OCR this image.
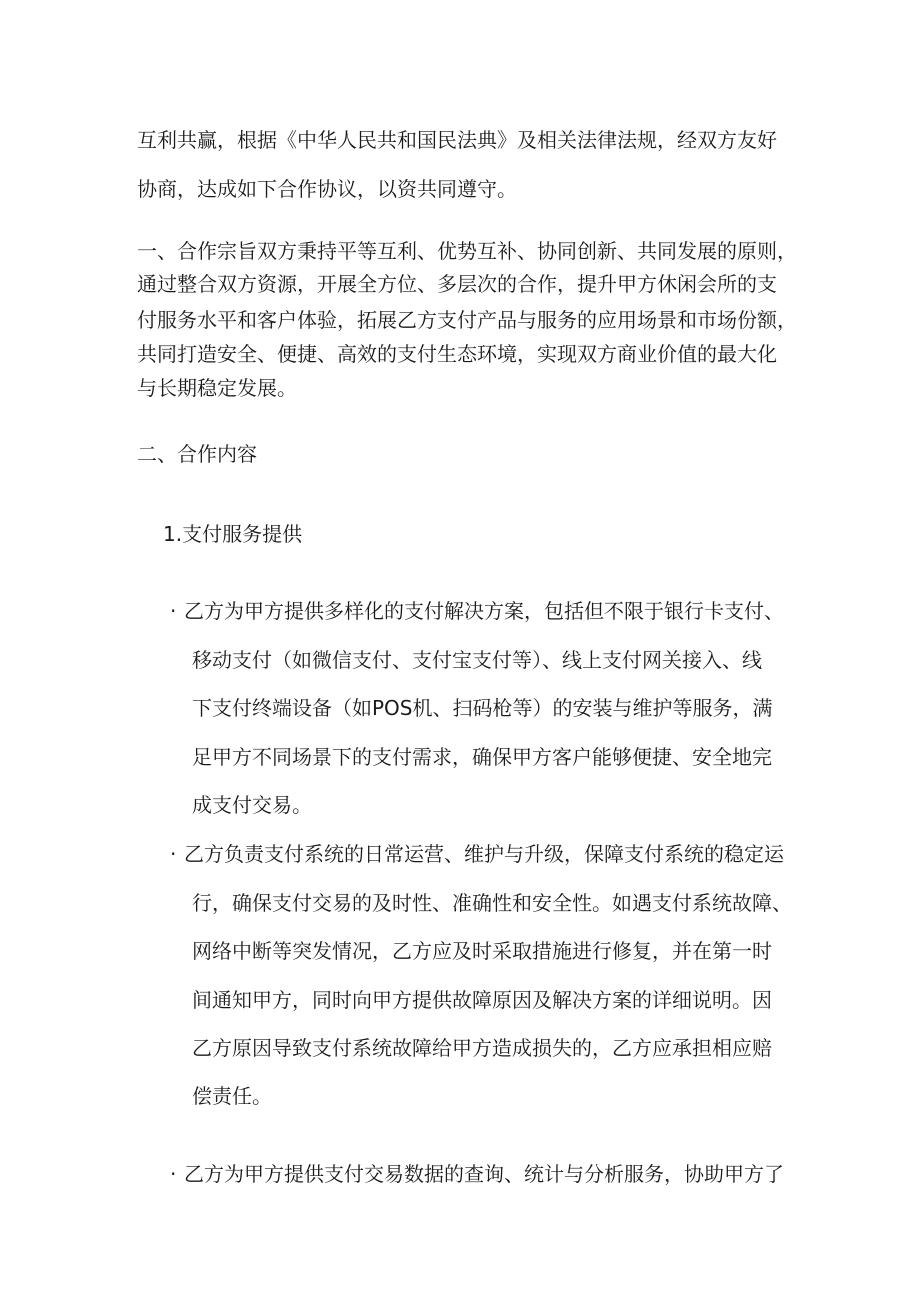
互利共赢，根据《中华人民共和国民法典》及相关法律法规，经双方友好

协商，达成如下合作协议，以资共同遵守。

一、合作宗旨双方秉持平等互利、优势互补、协同创新、共同发展的原则，

通过整合双方资源，开展全方位、多层次的合作，提升甲方休闲会所的支

付服务水平和客户体验，拓展乙方支付产品与服务的应用场景和市场份额，

共同打造安全、便捷、高效的支付生态环境，实现双方商业价值的最大化

与长期稳定发展。

二、合作内容

1.支付服务提供

· 乙方为甲方提供多样化的支付解决方案，包括但不限于银行卡支付、

移动支付（如微信支付、支付宝支付等）、线上支付网关接入、线

下支付终端设备（如POS机、扫码枪等）的安装与维护等服务，满

足甲方不同场景下的支付需求，确保甲方客户能够便捷、安全地完

成支付交易。

· 乙方负责支付系统的日常运营、维护与升级，保障支付系统的稳定运

行，确保支付交易的及时性、准确性和安全性。如遇支付系统故障、

网络中断等突发情况，乙方应及时采取措施进行修复，并在第一时

间通知甲方，同时向甲方提供故障原因及解决方案的详细说明。因

乙方原因导致支付系统故障给甲方造成损失的，乙方应承担相应赔

偿责任。

· 乙方为甲方提供支付交易数据的查询、统计与分析服务，协助甲方了
